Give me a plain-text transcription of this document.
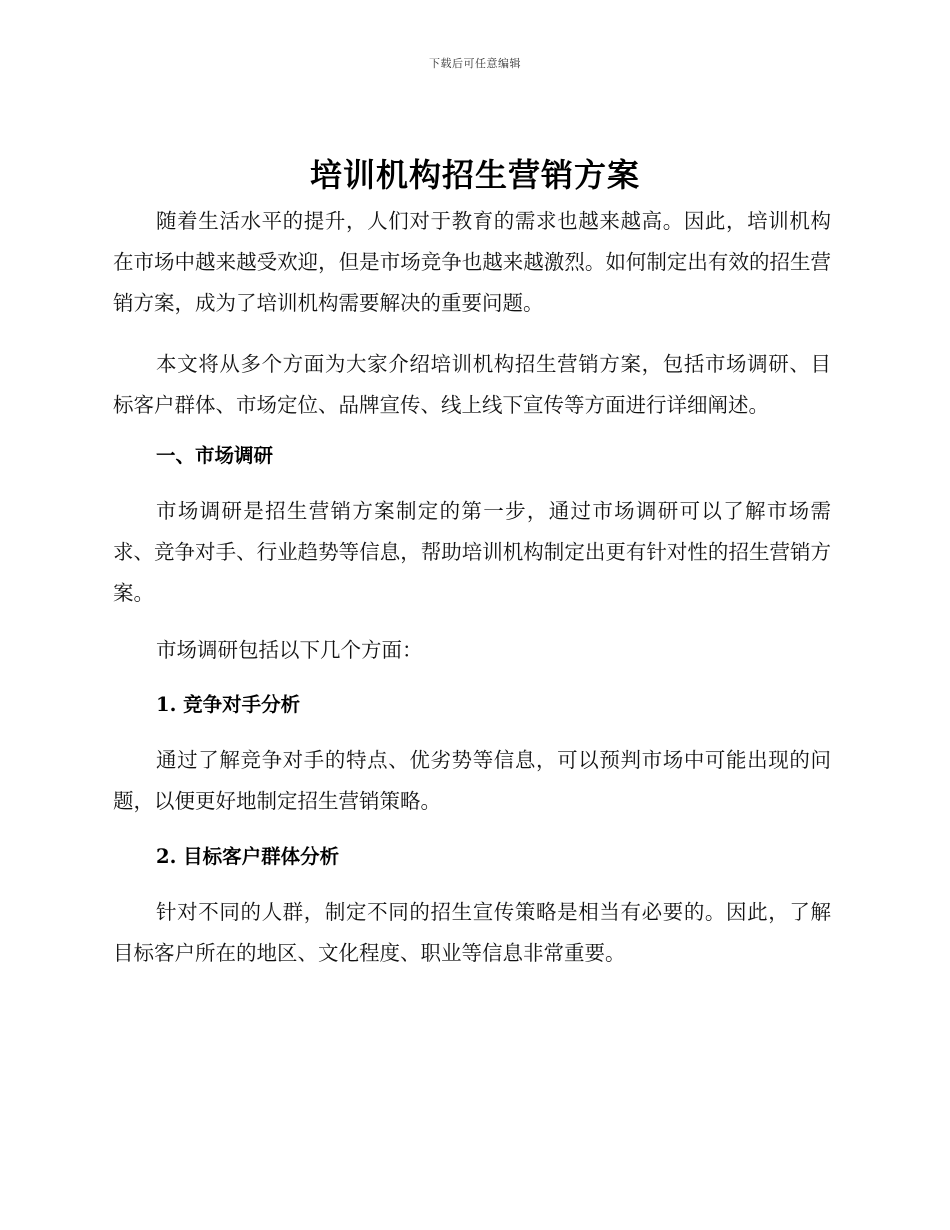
下载后可任意编辑
培训机构招生营销方案

随着生活水平的提升，人们对于教育的需求也越来越高。因此，培训机构在市场中越来越受欢迎，但是市场竞争也越来越激烈。如何制定出有效的招生营销方案，成为了培训机构需要解决的重要问题。

本文将从多个方面为大家介绍培训机构招生营销方案，包括市场调研、目标客户群体、市场定位、品牌宣传、线上线下宣传等方面进行详细阐述。

一、市场调研

市场调研是招生营销方案制定的第一步，通过市场调研可以了解市场需求、竞争对手、行业趋势等信息，帮助培训机构制定出更有针对性的招生营销方案。

市场调研包括以下几个方面：

1. 竞争对手分析

通过了解竞争对手的特点、优劣势等信息，可以预判市场中可能出现的问题，以便更好地制定招生营销策略。

2. 目标客户群体分析

针对不同的人群，制定不同的招生宣传策略是相当有必要的。因此，了解目标客户所在的地区、文化程度、职业等信息非常重要。
